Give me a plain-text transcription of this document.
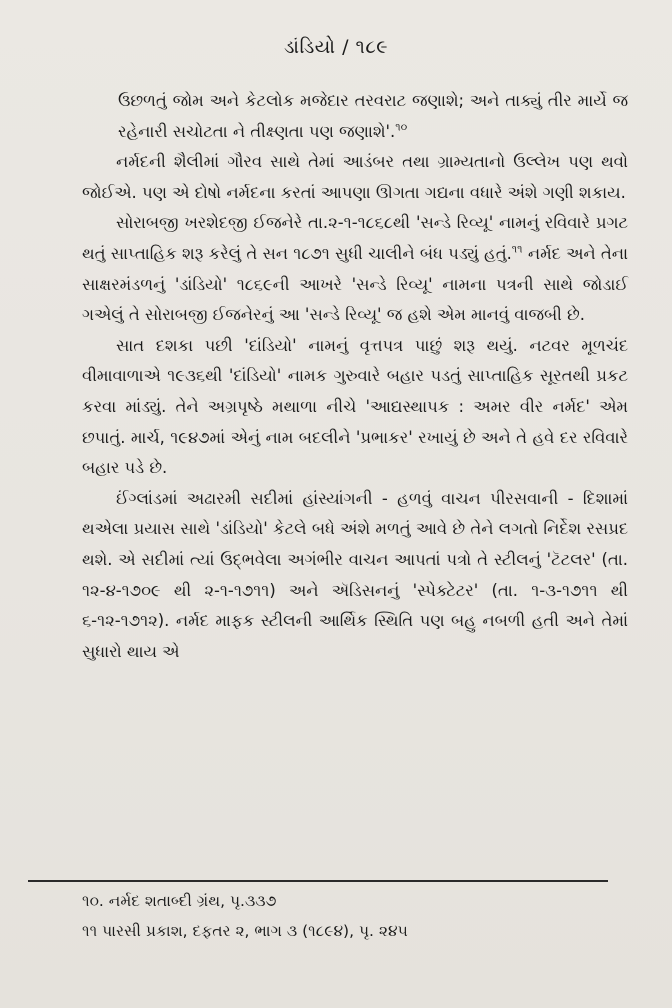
ડાંડિયો / ૧૮૯

ઉછળતું જોમ અને કેટલોક મજેદાર તરવરાટ જણાશે; અને તાક્યું તીર માર્યે જ રહેનારી સચોટતા ને તીક્ષ્ણતા પણ જણાશે'.$^{૧૦}$

નર્મદની શૈલીમાં ગૌરવ સાથે તેમાં આડંબર તથા ગ્રામ્યતાનો ઉલ્લેખ પણ થવો જોઈએ. પણ એ દોષો નર્મદના કરતાં આપણા ઊગતા ગદ્યના વધારે અંશે ગણી શકાય.

સોરાબજી ખરશેદજી ઈજનેરે તા.૨-૧-૧૮૬૮થી 'સન્ડે રિવ્યૂ' નામનું રવિવારે પ્રગટ થતું સાપ્તાહિક શરૂ કરેલું તે સન ૧૮૭૧ સુધી ચાલીને બંધ પડ્યું હતું.$^{૧૧}$ નર્મદ અને તેના સાક્ષરમંડળનું 'ડાંડિયો' ૧૮૬૯ની આખરે 'સન્ડે રિવ્યૂ' નામના પત્રની સાથે જોડાઈ ગએલું તે સોરાબજી ઈજનેરનું આ 'સન્ડે રિવ્યૂ' જ હશે એમ માનવું વાજબી છે.

સાત દશકા પછી 'દાંડિયો' નામનું વૃત્તપત્ર પાછું શરૂ થયું. નટવર મૂળચંદ વીમાવાળાએ ૧૯૩૬થી 'દાંડિયો' નામક ગુરુવારે બહાર પડતું સાપ્તાહિક સૂરતથી પ્રકટ કરવા માંડ્યું. તેને અગ્રપૃષ્ઠે મથાળા નીચે 'આદ્યસ્થાપક : અમર વીર નર્મદ' એમ છપાતું. માર્ચ, ૧૯૪૭માં એનું નામ બદલીને 'પ્રભાકર' રખાયું છે અને તે હવે દર રવિવારે બહાર પડે છે.

ઈંગ્લાંડમાં અઢારમી સદીમાં હાંસ્યાંગની - હળવું વાચન પીરસવાની - દિશામાં થએલા પ્રયાસ સાથે 'ડાંડિયો' કેટલે બધે અંશે મળતું આવે છે તેને લગતો નિર્દેશ રસપ્રદ થશે. એ સદીમાં ત્યાં ઉદ્ભવેલા અગંભીર વાચન આપતાં પત્રો તે સ્ટીલનું 'ટૅટલર' (તા. ૧૨-૪-૧૭૦૯ થી ૨-૧-૧૭૧૧) અને ઍડિસનનું 'સ્પેક્ટેટર' (તા. ૧-૩-૧૭૧૧ થી ૬-૧૨-૧૭૧૨). નર્મદ માફક સ્ટીલની આર્થિક સ્થિતિ પણ બહુ નબળી હતી અને તેમાં સુધારો થાય એ

૧૦. નર્મદ શતાબ્દી ગ્રંથ, પૃ.૩૩૭
૧૧ પારસી પ્રકાશ, દફતર ૨, ભાગ ૩ (૧૮૯૪), પૃ. ૨૪૫
